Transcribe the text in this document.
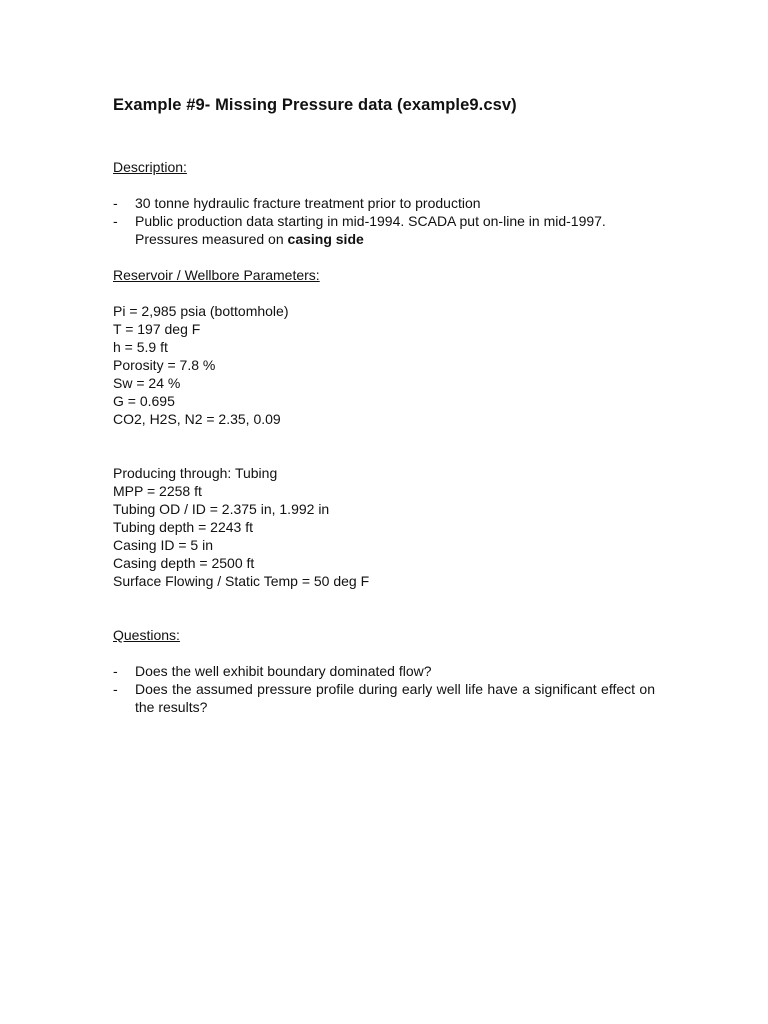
Example #9- Missing Pressure data (example9.csv)
Description:
- 30 tonne hydraulic fracture treatment prior to production
- Public production data starting in mid-1994. SCADA put on-line in mid-1997.
Pressures measured on casing side
Reservoir / Wellbore Parameters:
Pi = 2,985 psia (bottomhole)
T = 197 deg F
h = 5.9 ft
Porosity = 7.8 %
Sw = 24 %
G = 0.695
CO2, H2S, N2 = 2.35, 0.09
Producing through: Tubing
MPP = 2258 ft
Tubing OD / ID = 2.375 in, 1.992 in
Tubing depth = 2243 ft
Casing ID = 5 in
Casing depth = 2500 ft
Surface Flowing / Static Temp = 50 deg F
Questions:
- Does the well exhibit boundary dominated flow?
- Does the assumed pressure profile during early well life have a significant effect on the results?
